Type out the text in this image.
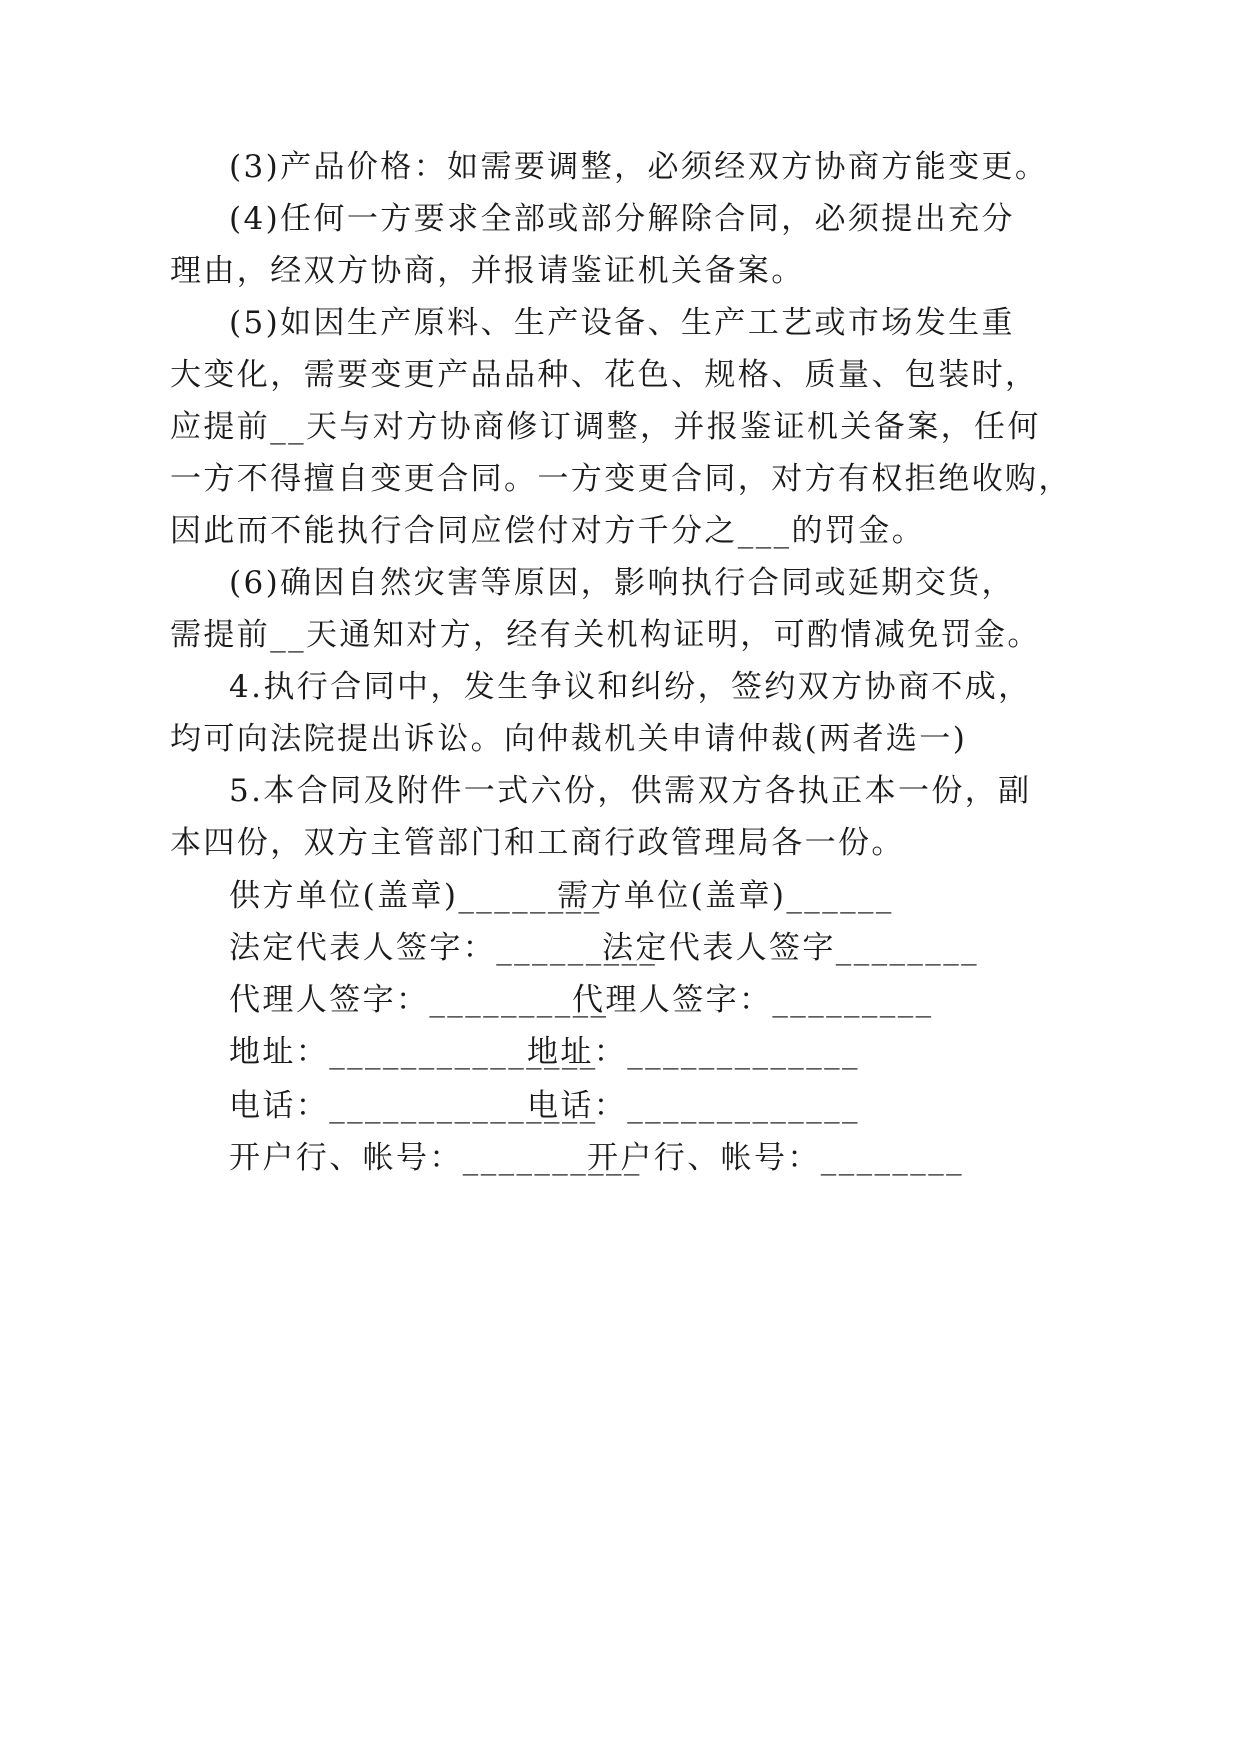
(3)产品价格：如需要调整，必须经双方协商方能变更。
(4)任何一方要求全部或部分解除合同，必须提出充分
理由，经双方协商，并报请鉴证机关备案。
(5)如因生产原料、生产设备、生产工艺或市场发生重
大变化，需要变更产品品种、花色、规格、质量、包装时，
应提前__天与对方协商修订调整，并报鉴证机关备案，任何
一方不得擅自变更合同。一方变更合同，对方有权拒绝收购，
因此而不能执行合同应偿付对方千分之___的罚金。
(6)确因自然灾害等原因，影响执行合同或延期交货，
需提前__天通知对方，经有关机构证明，可酌情减免罚金。
4.执行合同中，发生争议和纠纷，签约双方协商不成，
均可向法院提出诉讼。向仲裁机关申请仲裁(两者选一)
5.本合同及附件一式六份，供需双方各执正本一份，副
本四份，双方主管部门和工商行政管理局各一份。
供方单位(盖章)________
需方单位(盖章)______
法定代表人签字：_________
法定代表人签字________
代理人签字：__________
代理人签字：_________
地址：_______________
地址：_____________
电话：_______________
电话：_____________
开户行、帐号：__________
开户行、帐号：________
